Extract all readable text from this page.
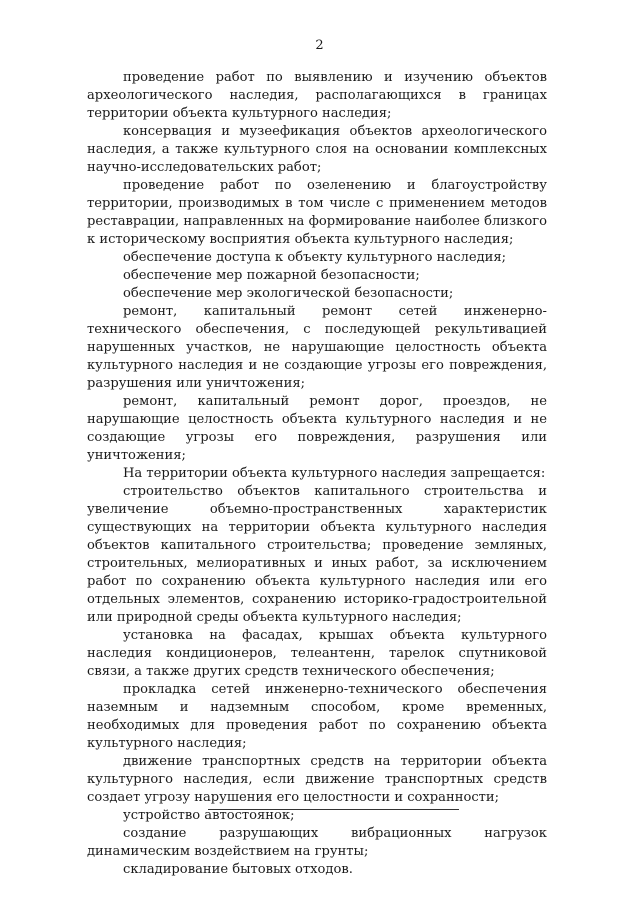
2

проведение работ по выявлению и изучению объектов археологического наследия, располагающихся в границах территории объекта культурного наследия;

консервация и музеефикация объектов археологического наследия, а также культурного слоя на основании комплексных научно-исследовательских работ;

проведение работ по озеленению и благоустройству территории, производимых в том числе с применением методов реставрации, направленных на формирование наиболее близкого к историческому восприятия объекта культурного наследия;

обеспечение доступа к объекту культурного наследия;

обеспечение мер пожарной безопасности;

обеспечение мер экологической безопасности;

ремонт, капитальный ремонт сетей инженерно-технического обеспечения, с последующей рекультивацией нарушенных участков, не нарушающие целостность объекта культурного наследия и не создающие угрозы его повреждения, разрушения или уничтожения;

ремонт, капитальный ремонт дорог, проездов, не нарушающие целостность объекта культурного наследия и не создающие угрозы его повреждения, разрушения или уничтожения;

На территории объекта культурного наследия запрещается:

строительство объектов капитального строительства и увеличение объемно-пространственных характеристик существующих на территории объекта культурного наследия объектов капитального строительства; проведение земляных, строительных, мелиоративных и иных работ, за исключением работ по сохранению объекта культурного наследия или его отдельных элементов, сохранению историко-градостроительной или природной среды объекта культурного наследия;

установка на фасадах, крышах объекта культурного наследия кондиционеров, телеантенн, тарелок спутниковой связи, а также других средств технического обеспечения;

прокладка сетей инженерно-технического обеспечения наземным и надземным способом, кроме временных, необходимых для проведения работ по сохранению объекта культурного наследия;

движение транспортных средств на территории объекта культурного наследия, если движение транспортных средств создает угрозу нарушения его целостности и сохранности;

устройство автостоянок;

создание разрушающих вибрационных нагрузок динамическим воздействием на грунты;

складирование бытовых отходов.
